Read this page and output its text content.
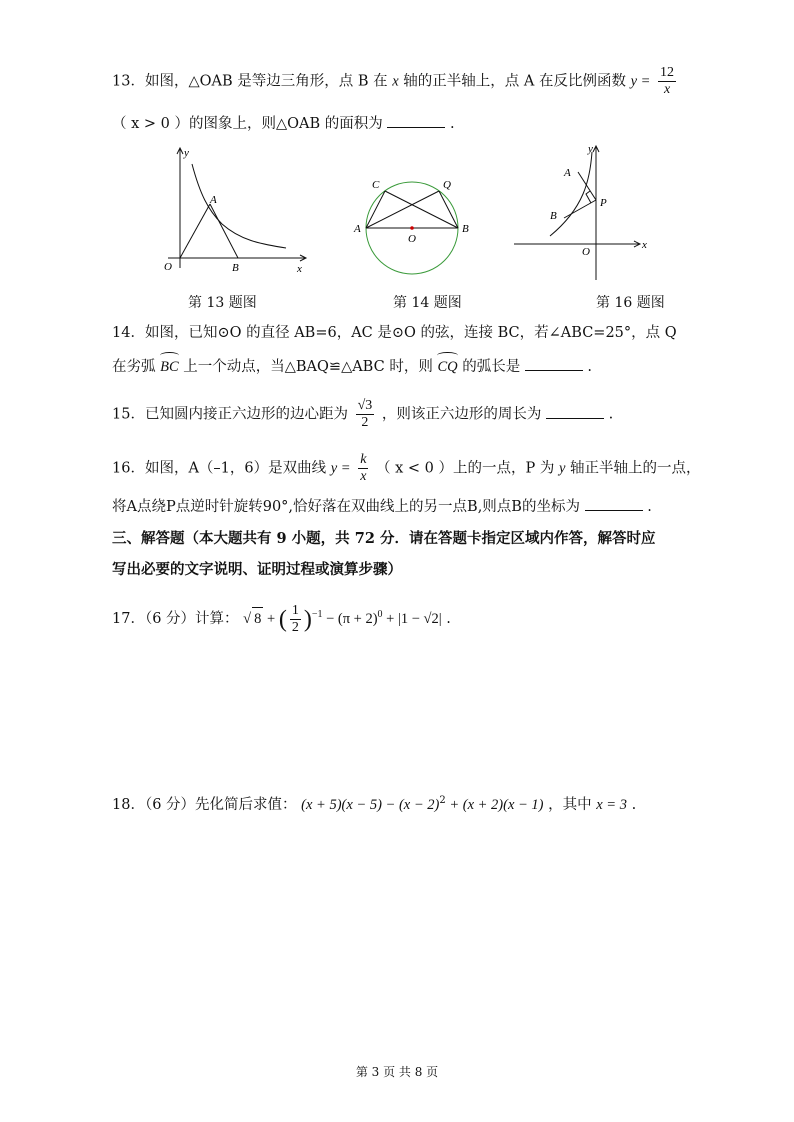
13．如图，△OAB 是等边三角形，点 B 在 x 轴的正半轴上，点 A 在反比例函数 $y = \frac{12}{x}$
（ x > 0 ）的图象上，则△OAB 的面积为	.
y
x
O
A
B
C	Q
A	B
O
y
x
O
A
B
P
第 13 题图	第 14 题图	第 16 题图
14．如图，已知⊙O 的直径 AB=6，AC 是⊙O 的弦，连接 BC，若∠ABC=25°，点 Q
在劣弧 BC 上一个动点，当△BAQ≌△ABC 时，则 CQ 的弧长是	.
15．已知圆内接正六边形的边心距为 $\frac{√3}{2}$ ，则该正六边形的周长为	.
16．如图，A（–1，6）是双曲线 $y = \frac{k}{x}$ （ x < 0 ）上的一点，P 为 y 轴正半轴上的一点，
将A点绕P点逆时针旋转90°,恰好落在双曲线上的另一点B,则点B的坐标为	.
三、解答题（本大题共有 9 小题，共 72 分．请在答题卡指定区域内作答，解答时应
写出必要的文字说明、证明过程或演算步骤）
17．（6 分）计算： √ 8 + ( $\frac{1}{2} )^{-1} - (\pi + 2)^0 + |1 - √2|$ .
18．（6 分）先化简后求值： $(x + 5)(x - 5) - (x - 2)^2 + (x + 2)(x - 1)$ ，其中 x = 3 .
第 3 页 共 8 页
